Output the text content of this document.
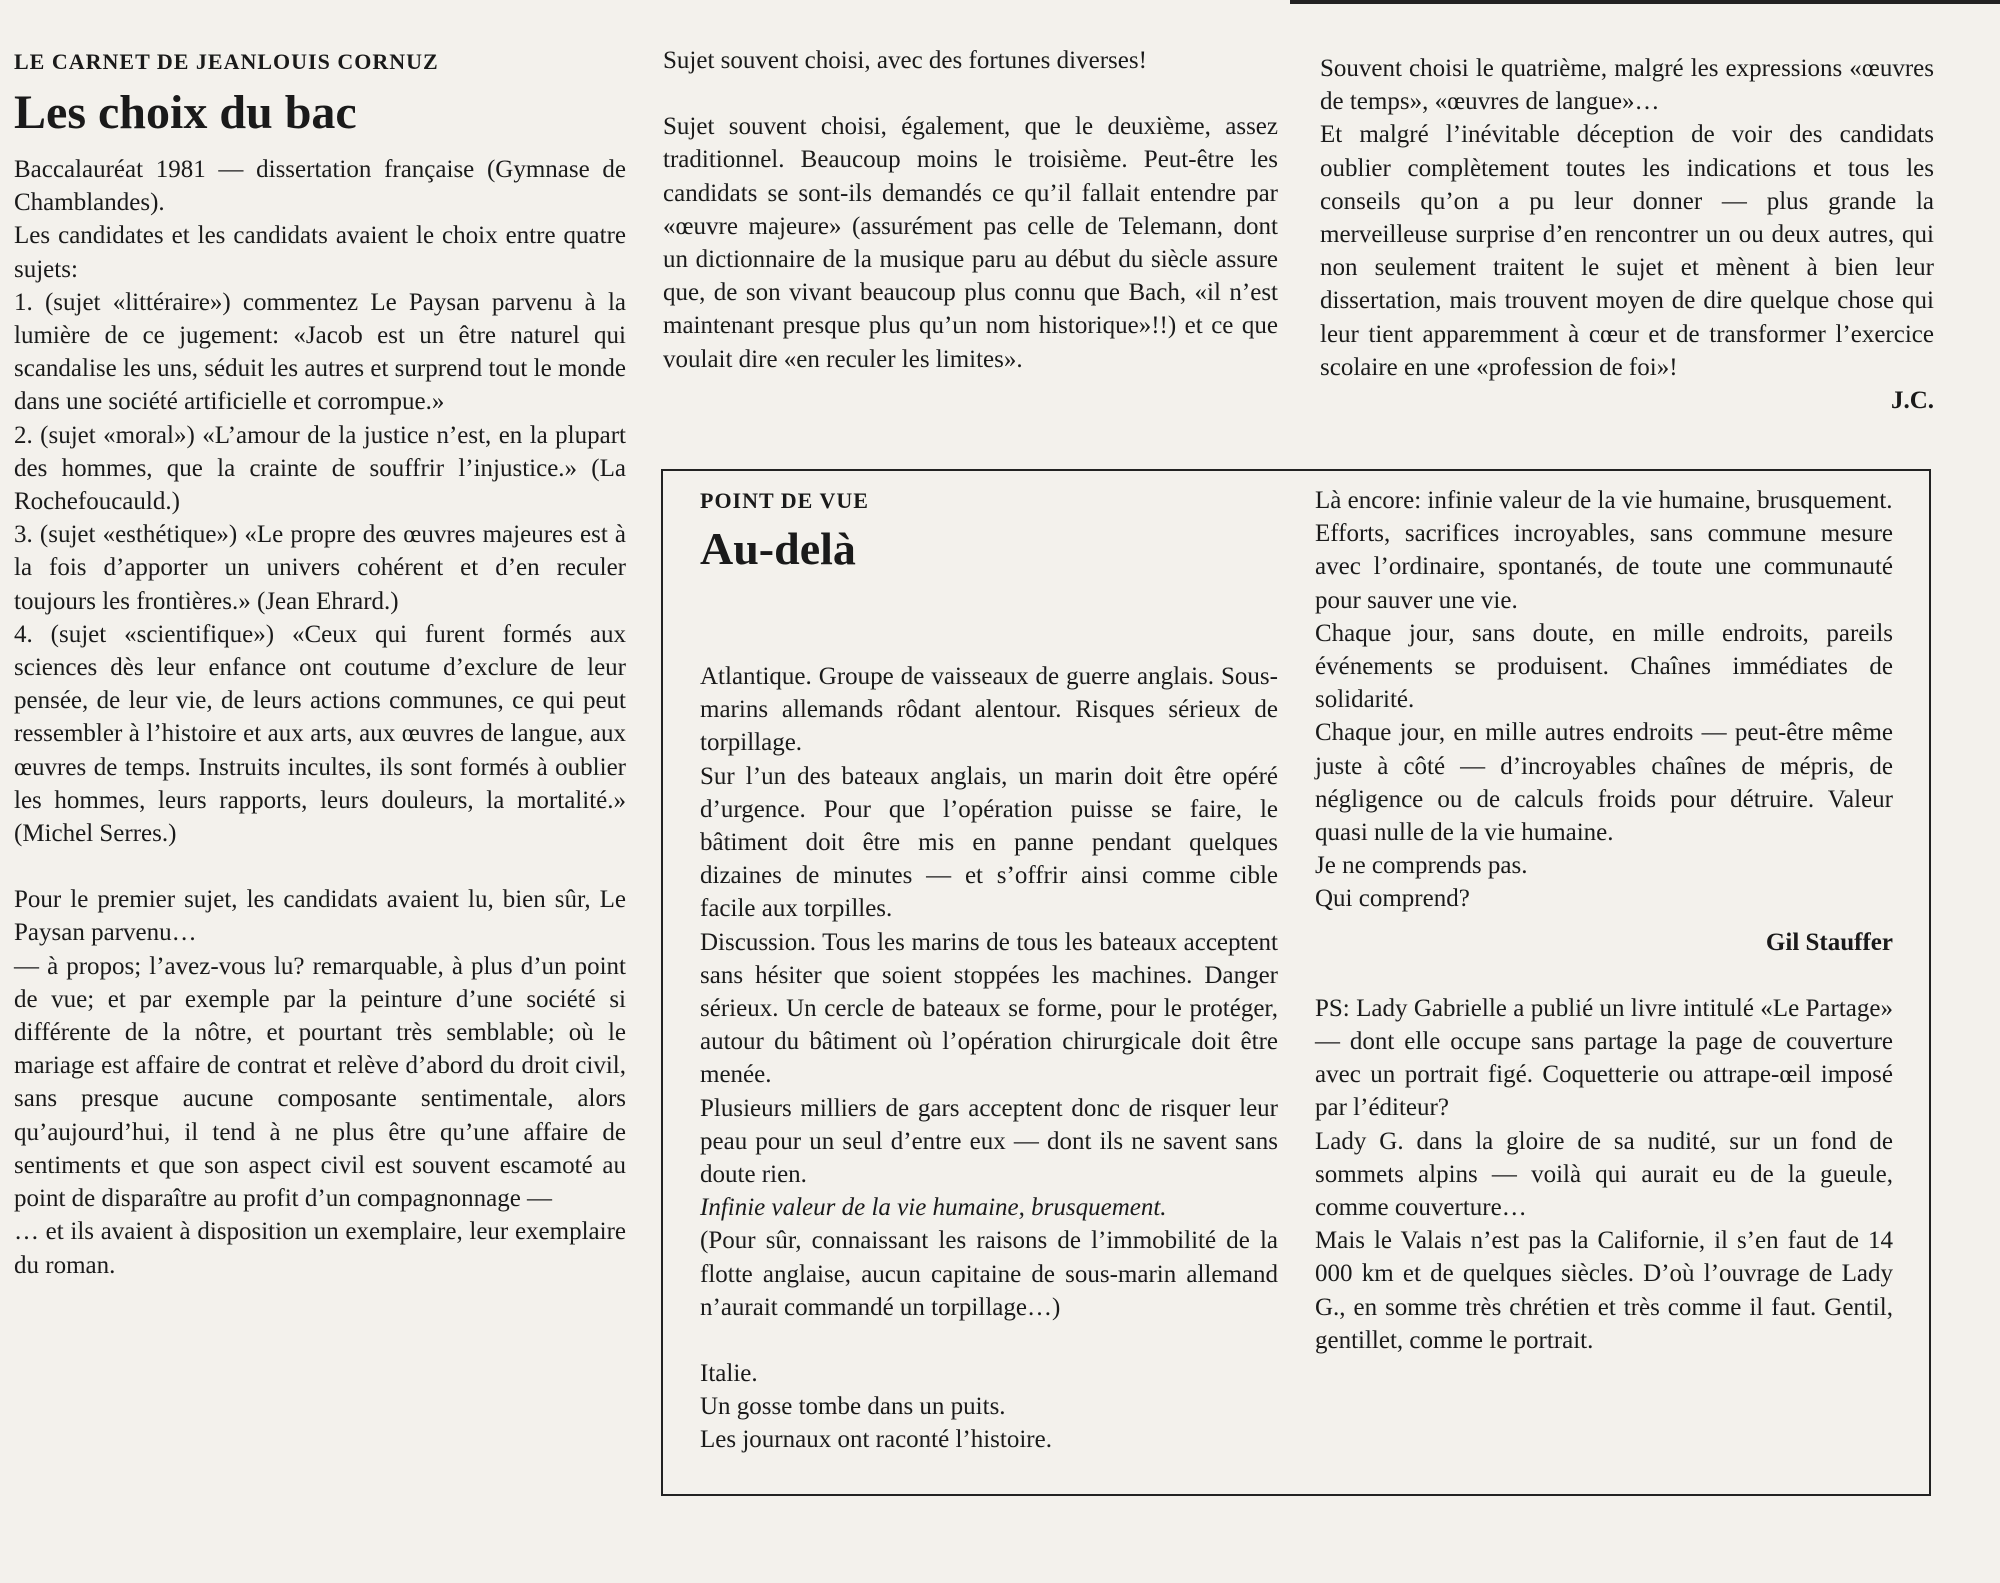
LE CARNET DE JEANLOUIS CORNUZ
Les choix du bac

Baccalauréat 1981 — dissertation française (Gymnase de Chamblandes).

Les candidates et les candidats avaient le choix entre quatre sujets:

1. (sujet «littéraire») commentez Le Paysan parvenu à la lumière de ce jugement: «Jacob est un être naturel qui scandalise les uns, séduit les autres et surprend tout le monde dans une société artificielle et corrompue.»

2. (sujet «moral») «L’amour de la justice n’est, en la plupart des hommes, que la crainte de souffrir l’injustice.» (La Rochefoucauld.)

3. (sujet «esthétique») «Le propre des œuvres majeures est à la fois d’apporter un univers cohérent et d’en reculer toujours les frontières.» (Jean Ehrard.)

4. (sujet «scientifique») «Ceux qui furent formés aux sciences dès leur enfance ont coutume d’exclure de leur pensée, de leur vie, de leurs actions communes, ce qui peut ressembler à l’histoire et aux arts, aux œuvres de langue, aux œuvres de temps. Instruits incultes, ils sont formés à oublier les hommes, leurs rapports, leurs douleurs, la mortalité.» (Michel Serres.)

Pour le premier sujet, les candidats avaient lu, bien sûr, Le Paysan parvenu…

— à propos; l’avez-vous lu? remarquable, à plus d’un point de vue; et par exemple par la peinture d’une société si différente de la nôtre, et pourtant très semblable; où le mariage est affaire de contrat et relève d’abord du droit civil, sans presque aucune composante sentimentale, alors qu’aujourd’hui, il tend à ne plus être qu’une affaire de sentiments et que son aspect civil est souvent escamoté au point de disparaître au profit d’un compagnonnage —

… et ils avaient à disposition un exemplaire, leur exemplaire du roman.

Sujet souvent choisi, avec des fortunes diverses!

Sujet souvent choisi, également, que le deuxième, assez traditionnel. Beaucoup moins le troisième. Peut-être les candidats se sont-ils demandés ce qu’il fallait entendre par «œuvre majeure» (assurément pas celle de Telemann, dont un dictionnaire de la musique paru au début du siècle assure que, de son vivant beaucoup plus connu que Bach, «il n’est maintenant presque plus qu’un nom historique»!!) et ce que voulait dire «en reculer les limites».

Souvent choisi le quatrième, malgré les expressions «œuvres de temps», «œuvres de langue»…

Et malgré l’inévitable déception de voir des candidats oublier complètement toutes les indications et tous les conseils qu’on a pu leur donner — plus grande la merveilleuse surprise d’en rencontrer un ou deux autres, qui non seulement traitent le sujet et mènent à bien leur dissertation, mais trouvent moyen de dire quelque chose qui leur tient apparemment à cœur et de transformer l’exercice scolaire en une «profession de foi»!

J.C.
POINT DE VUE
Au-delà

Atlantique. Groupe de vaisseaux de guerre anglais. Sous-marins allemands rôdant alentour. Risques sérieux de torpillage.

Sur l’un des bateaux anglais, un marin doit être opéré d’urgence. Pour que l’opération puisse se faire, le bâtiment doit être mis en panne pendant quelques dizaines de minutes — et s’offrir ainsi comme cible facile aux torpilles.

Discussion. Tous les marins de tous les bateaux acceptent sans hésiter que soient stoppées les machines. Danger sérieux. Un cercle de bateaux se forme, pour le protéger, autour du bâtiment où l’opération chirurgicale doit être menée.

Plusieurs milliers de gars acceptent donc de risquer leur peau pour un seul d’entre eux — dont ils ne savent sans doute rien.

Infinie valeur de la vie humaine, brusquement.

(Pour sûr, connaissant les raisons de l’immobilité de la flotte anglaise, aucun capitaine de sous-marin allemand n’aurait commandé un torpillage…)

Italie.

Un gosse tombe dans un puits.

Les journaux ont raconté l’histoire.

Là encore: infinie valeur de la vie humaine, brusquement.

Efforts, sacrifices incroyables, sans commune mesure avec l’ordinaire, spontanés, de toute une communauté pour sauver une vie.

Chaque jour, sans doute, en mille endroits, pareils événements se produisent. Chaînes immédiates de solidarité.

Chaque jour, en mille autres endroits — peut-être même juste à côté — d’incroyables chaînes de mépris, de négligence ou de calculs froids pour détruire. Valeur quasi nulle de la vie humaine.

Je ne comprends pas.

Qui comprend?

Gil Stauffer

PS: Lady Gabrielle a publié un livre intitulé «Le Partage» — dont elle occupe sans partage la page de couverture avec un portrait figé. Coquetterie ou attrape-œil imposé par l’éditeur?

Lady G. dans la gloire de sa nudité, sur un fond de sommets alpins — voilà qui aurait eu de la gueule, comme couverture…

Mais le Valais n’est pas la Californie, il s’en faut de 14 000 km et de quelques siècles. D’où l’ouvrage de Lady G., en somme très chrétien et très comme il faut. Gentil, gentillet, comme le portrait.
